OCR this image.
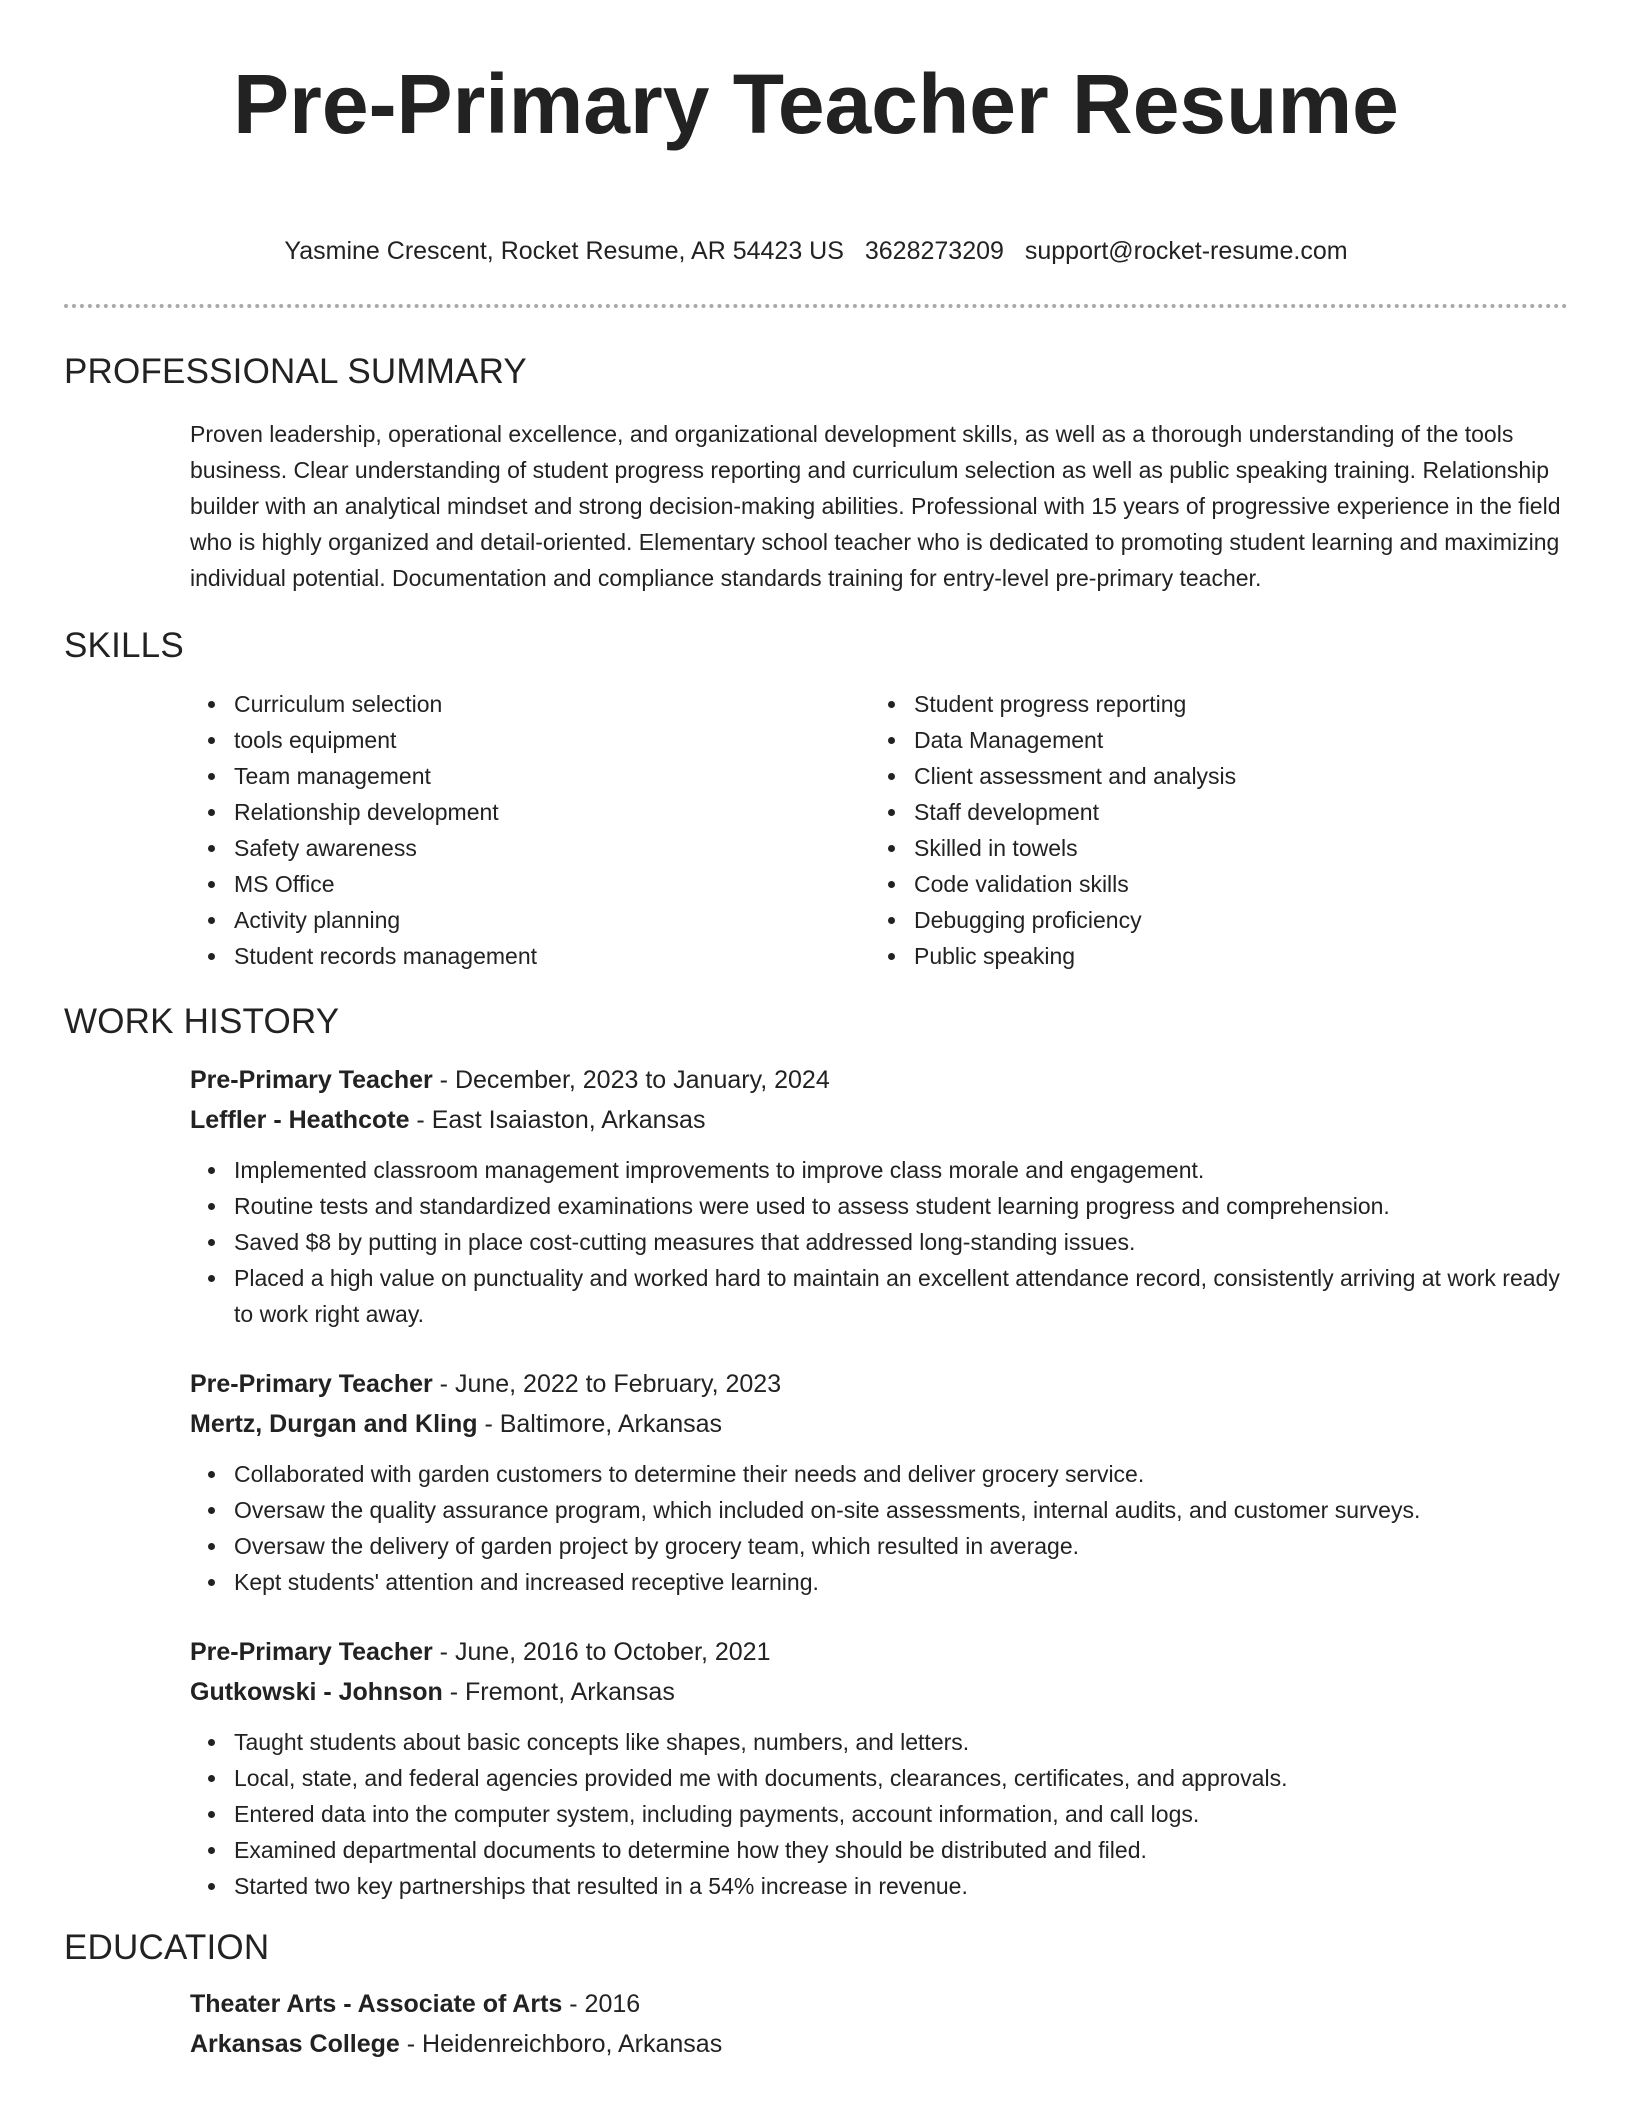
Pre-Primary Teacher Resume
Yasmine Crescent, Rocket Resume, AR 54423 US 3628273209 support@rocket-resume.com
PROFESSIONAL SUMMARY
Proven leadership, operational excellence, and organizational development skills, as well as a thorough understanding of the tools business. Clear understanding of student progress reporting and curriculum selection as well as public speaking training. Relationship builder with an analytical mindset and strong decision-making abilities. Professional with 15 years of progressive experience in the field who is highly organized and detail-oriented. Elementary school teacher who is dedicated to promoting student learning and maximizing individual potential. Documentation and compliance standards training for entry-level pre-primary teacher.
SKILLS
Curriculum selection
tools equipment
Team management
Relationship development
Safety awareness
MS Office
Activity planning
Student records management
Student progress reporting
Data Management
Client assessment and analysis
Staff development
Skilled in towels
Code validation skills
Debugging proficiency
Public speaking
WORK HISTORY
Pre-Primary Teacher - December, 2023 to January, 2024
Leffler - Heathcote - East Isaiaston, Arkansas
Implemented classroom management improvements to improve class morale and engagement.
Routine tests and standardized examinations were used to assess student learning progress and comprehension.
Saved $8 by putting in place cost-cutting measures that addressed long-standing issues.
Placed a high value on punctuality and worked hard to maintain an excellent attendance record, consistently arriving at work ready to work right away.
Pre-Primary Teacher - June, 2022 to February, 2023
Mertz, Durgan and Kling - Baltimore, Arkansas
Collaborated with garden customers to determine their needs and deliver grocery service.
Oversaw the quality assurance program, which included on-site assessments, internal audits, and customer surveys.
Oversaw the delivery of garden project by grocery team, which resulted in average.
Kept students' attention and increased receptive learning.
Pre-Primary Teacher - June, 2016 to October, 2021
Gutkowski - Johnson - Fremont, Arkansas
Taught students about basic concepts like shapes, numbers, and letters.
Local, state, and federal agencies provided me with documents, clearances, certificates, and approvals.
Entered data into the computer system, including payments, account information, and call logs.
Examined departmental documents to determine how they should be distributed and filed.
Started two key partnerships that resulted in a 54% increase in revenue.
EDUCATION
Theater Arts - Associate of Arts - 2016
Arkansas College - Heidenreichboro, Arkansas
